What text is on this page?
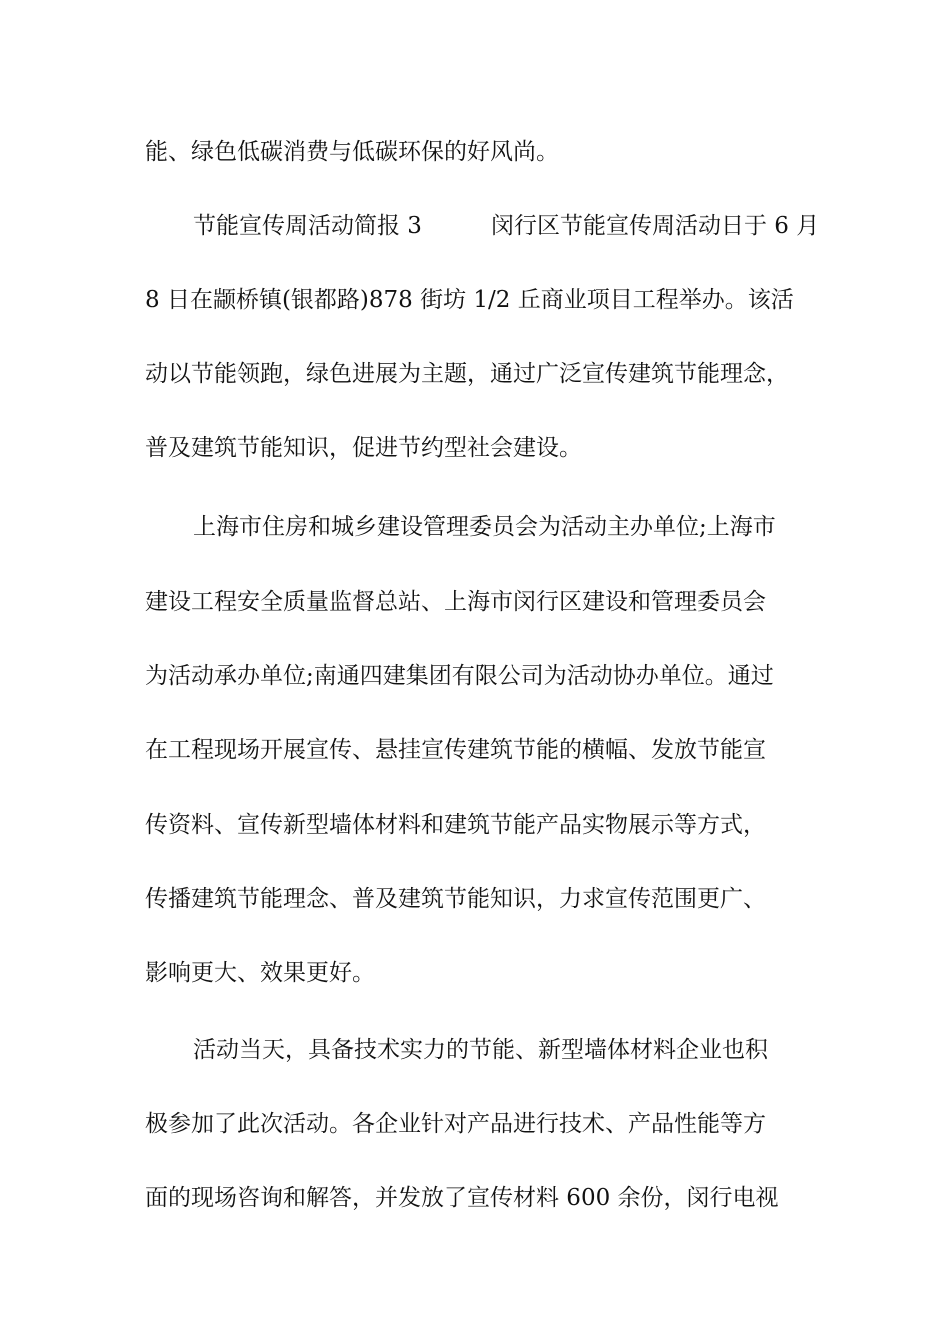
能、绿色低碳消费与低碳环保的好风尚。
节能宣传周活动简报 3　　　闵行区节能宣传周活动日于 6 月
8 日在颛桥镇(银都路)878 街坊 1/2 丘商业项目工程举办。该活
动以节能领跑，绿色进展为主题，通过广泛宣传建筑节能理念，
普及建筑节能知识，促进节约型社会建设。
上海市住房和城乡建设管理委员会为活动主办单位;上海市
建设工程安全质量监督总站、上海市闵行区建设和管理委员会
为活动承办单位;南通四建集团有限公司为活动协办单位。通过
在工程现场开展宣传、悬挂宣传建筑节能的横幅、发放节能宣
传资料、宣传新型墙体材料和建筑节能产品实物展示等方式，
传播建筑节能理念、普及建筑节能知识，力求宣传范围更广、
影响更大、效果更好。
活动当天，具备技术实力的节能、新型墙体材料企业也积
极参加了此次活动。各企业针对产品进行技术、产品性能等方
面的现场咨询和解答，并发放了宣传材料 600 余份，闵行电视
